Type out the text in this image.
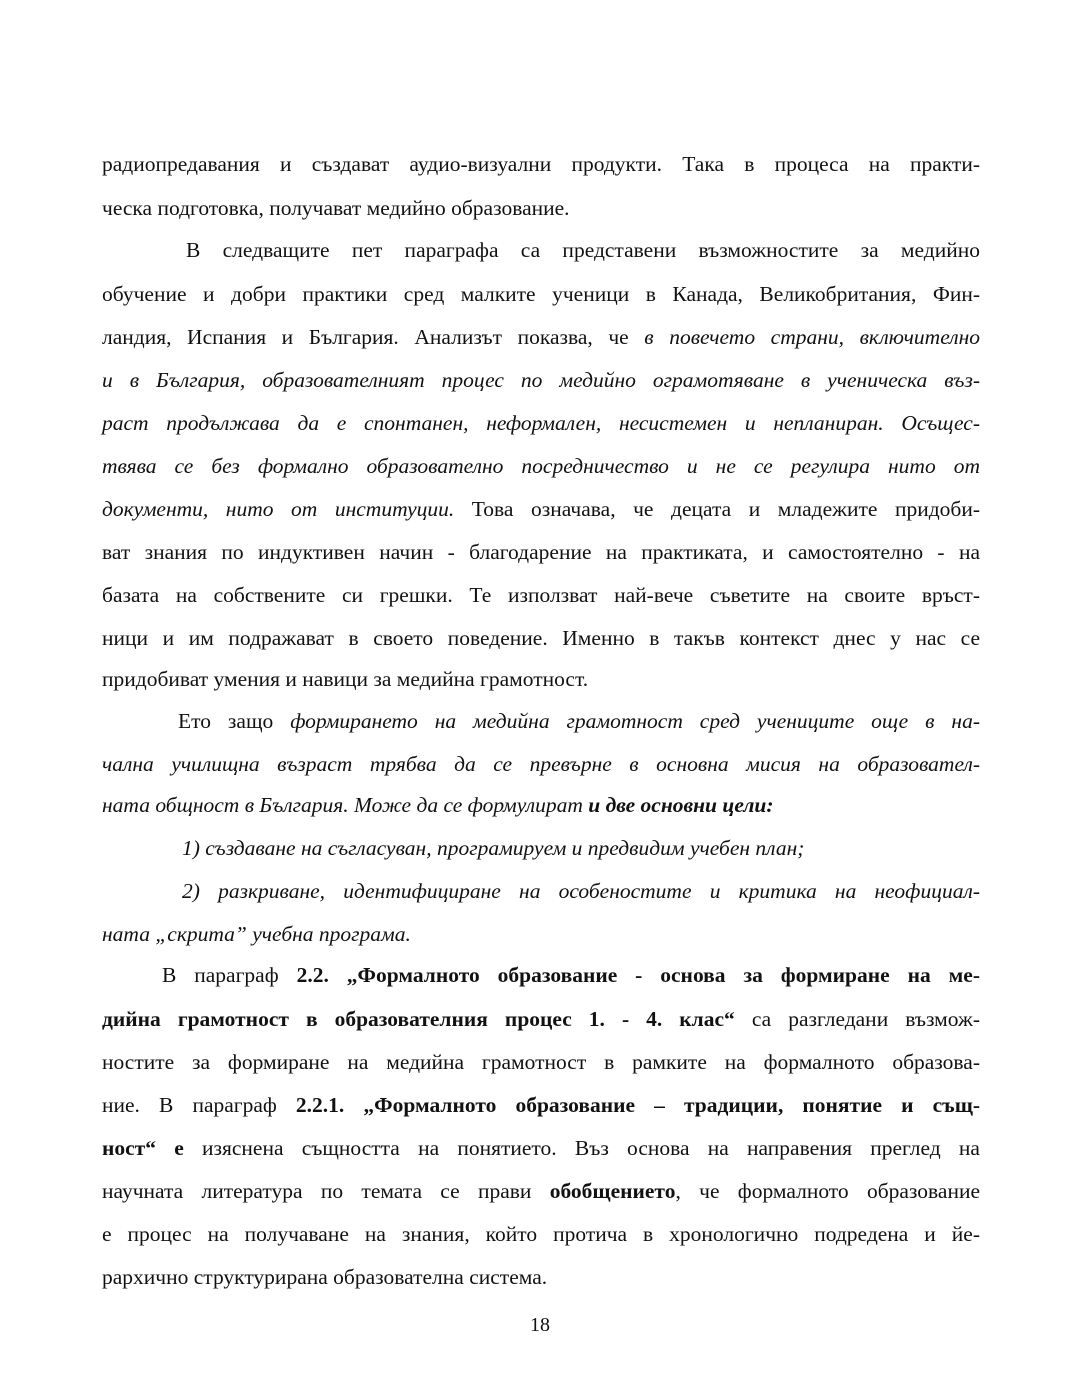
радиопредавания и създават аудио-визуални продукти. Така в процеса на практи-
ческа подготовка, получават медийно образование.
В следващите пет параграфа са представени възможностите за медийно
обучение и добри практики сред малките ученици в Канада, Великобритания, Фин-
ландия, Испания и България. Анализът показва, че в повечето страни, включително
и в България, образователният процес по медийно ограмотяване в ученическа въз-
раст продължава да е спонтанен, неформален, несистемен и непланиран. Осъщес-
твява се без формално образователно посредничество и не се регулира нито от
документи, нито от институции. Това означава, че децата и младежите придоби-
ват знания по индуктивен начин - благодарение на практиката, и самостоятелно - на
базата на собствените си грешки. Те използват най-вече съветите на своите връст-
ници и им подражават в своето поведение. Именно в такъв контекст днес у нас се
придобиват умения и навици за медийна грамотност.
Ето защо формирането на медийна грамотност сред учениците още в на-
чална училищна възраст трябва да се превърне в основна мисия на образовател-
ната общност в България. Може да се формулират и две основни цели:
1) създаване на съгласуван, програмируем и предвидим учебен план;
2) разкриване, идентифициране на особеностите и критика на неофициал-
ната „скрита” учебна програма.
В параграф 2.2. „Формалното образование - основа за формиране на ме-
дийна грамотност в образователния процес 1. - 4. клас“ са разгледани възмож-
ностите за формиране на медийна грамотност в рамките на формалното образова-
ние. В параграф 2.2.1. „Формалното образование – традиции, понятие и същ-
ност“ е изяснена същността на понятието. Въз основа на направения преглед на
научната литература по темата се прави обобщението, че формалното образование
е процес на получаване на знания, който протича в хронологично подредена и йе-
рархично структурирана образователна система.
18
